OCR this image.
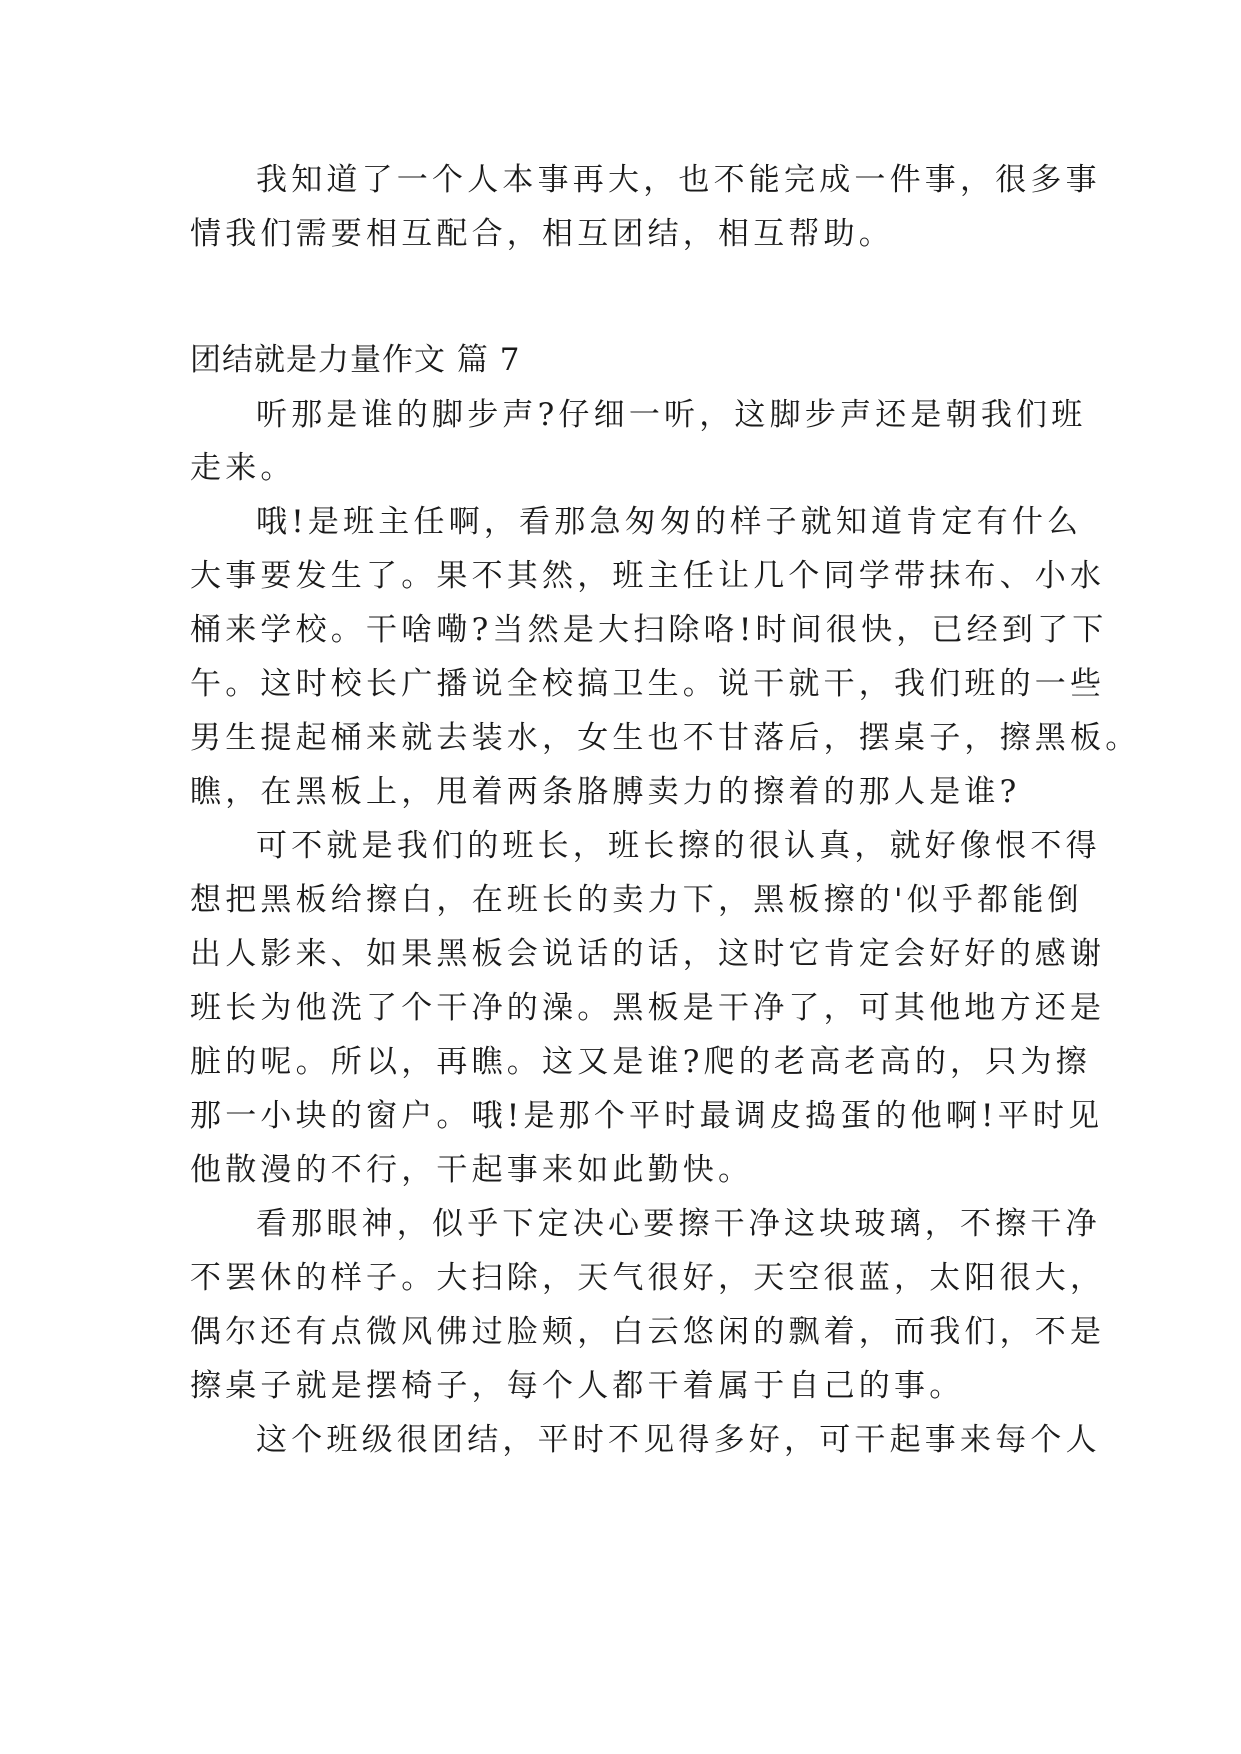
我知道了一个人本事再大，也不能完成一件事，很多事
情我们需要相互配合，相互团结，相互帮助。
团结就是力量作文 篇 7
听那是谁的脚步声?仔细一听，这脚步声还是朝我们班
走来。
哦!是班主任啊，看那急匆匆的样子就知道肯定有什么
大事要发生了。果不其然，班主任让几个同学带抹布、小水
桶来学校。干啥嘞?当然是大扫除咯!时间很快，已经到了下
午。这时校长广播说全校搞卫生。说干就干，我们班的一些
男生提起桶来就去装水，女生也不甘落后，摆桌子，擦黑板。
瞧，在黑板上，甩着两条胳膊卖力的擦着的那人是谁?
可不就是我们的班长，班长擦的很认真，就好像恨不得
想把黑板给擦白，在班长的卖力下，黑板擦的'似乎都能倒
出人影来、如果黑板会说话的话，这时它肯定会好好的感谢
班长为他洗了个干净的澡。黑板是干净了，可其他地方还是
脏的呢。所以，再瞧。这又是谁?爬的老高老高的，只为擦
那一小块的窗户。哦!是那个平时最调皮捣蛋的他啊!平时见
他散漫的不行，干起事来如此勤快。
看那眼神，似乎下定决心要擦干净这块玻璃，不擦干净
不罢休的样子。大扫除，天气很好，天空很蓝，太阳很大，
偶尔还有点微风佛过脸颊，白云悠闲的飘着，而我们，不是
擦桌子就是摆椅子，每个人都干着属于自己的事。
这个班级很团结，平时不见得多好，可干起事来每个人
